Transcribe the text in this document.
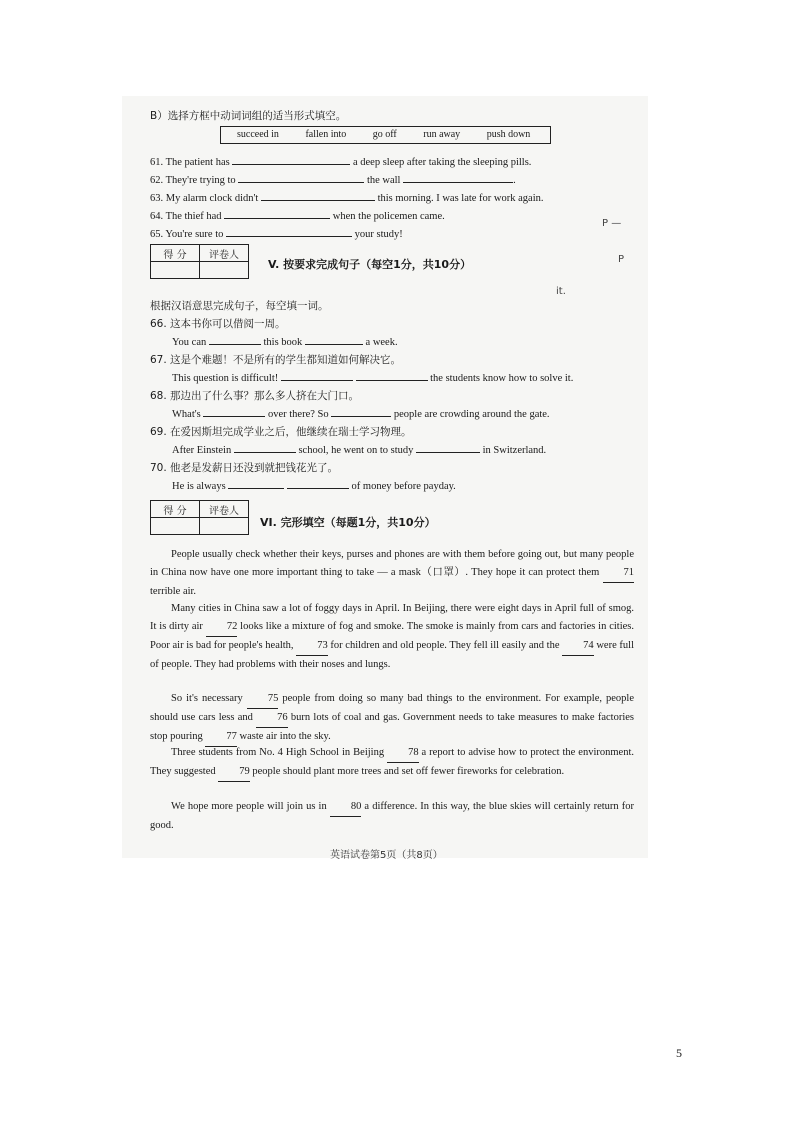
B）选择方框中动词词组的适当形式填空。
succeed in	fallen into	go off	run away	push down
61. The patient has	a deep sleep after taking the sleeping pills.
62. They're trying to	the wall	.
63. My alarm clock didn't	this morning. I was late for work again.
64. The thief had	when the policemen came.
65. You're sure to	your study!
得 分	评卷人

V. 按要求完成句子（每空1分，共10分）
根据汉语意思完成句子，每空填一词。
66. 这本书你可以借阅一周。
You can	this book	a week.
67. 这是个难题！不是所有的学生都知道如何解决它。
This question is difficult!	the students know how to solve it.
68. 那边出了什么事？那么多人挤在大门口。
What's	over there? So	people are crowding around the gate.
69. 在爱因斯坦完成学业之后，他继续在瑞士学习物理。
After Einstein	school, he went on to study	in Switzerland.
70. 他老是发薪日还没到就把钱花光了。
He is always	of money before payday.
得 分	评卷人

VI. 完形填空（每题1分，共10分）
People usually check whether their keys, purses and phones are with them before going out, but many people in China now have one more important thing to take — a mask（口罩）. They hope it can protect them 71 terrible air.
Many cities in China saw a lot of foggy days in April. In Beijing, there were eight days in April full of smog. It is dirty air 72 looks like a mixture of fog and smoke. The smoke is mainly from cars and factories in cities. Poor air is bad for people's health, 73 for children and old people. They fell ill easily and the 74 were full of people. They had problems with their noses and lungs.
So it's necessary 75 people from doing so many bad things to the environment. For example, people should use cars less and 76 burn lots of coal and gas. Government needs to take measures to make factories stop pouring 77 waste air into the sky.
Three students from No. 4 High School in Beijing 78 a report to advise how to protect the environment. They suggested 79 people should plant more trees and set off fewer fireworks for celebration.
We hope more people will join us in 80 a difference. In this way, the blue skies will certainly return for good.
英语试卷第5页（共8页）
it.
P —
P
5
